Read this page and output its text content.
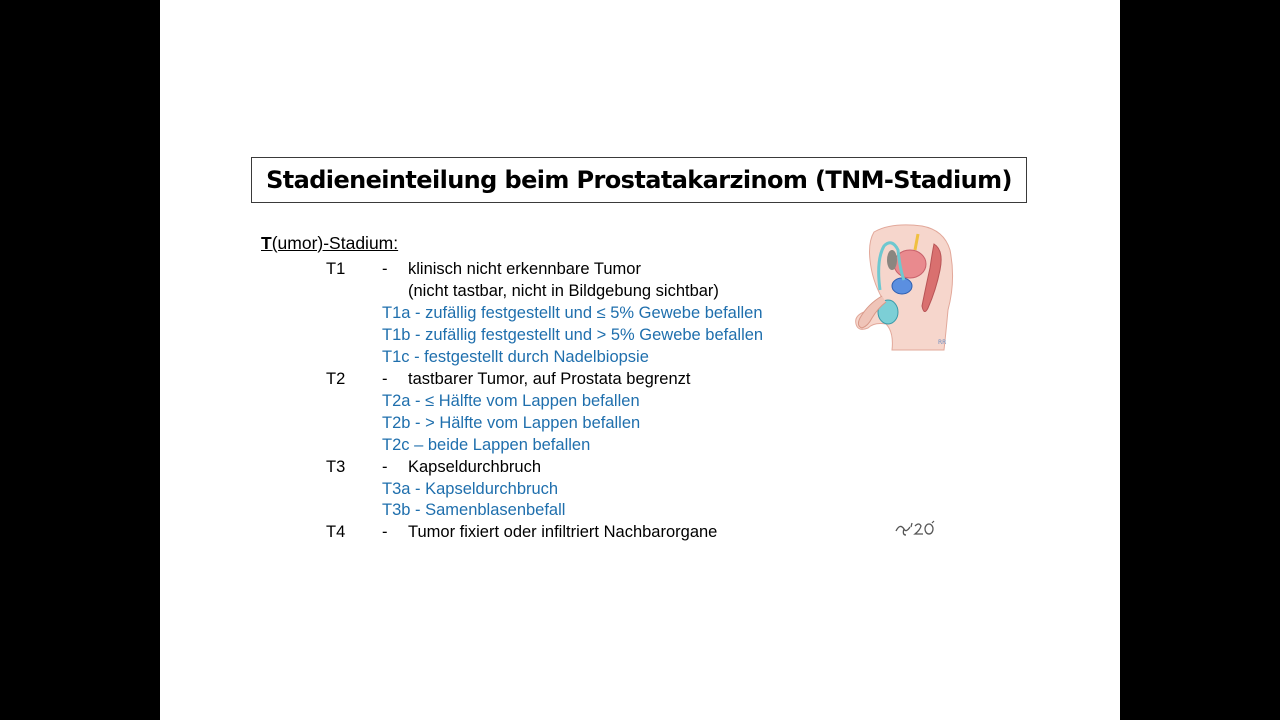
Stadieneinteilung beim Prostatakarzinom (TNM-Stadium)
T(umor)-Stadium:
T1 - klinisch nicht erkennbare Tumor
(nicht tastbar, nicht in Bildgebung sichtbar)
T1a - zufällig festgestellt und ≤ 5% Gewebe befallen
T1b - zufällig festgestellt und > 5% Gewebe befallen
T1c - festgestellt durch Nadelbiopsie
T2 - tastbarer Tumor, auf Prostata begrenzt
T2a - ≤ Hälfte vom Lappen befallen
T2b - > Hälfte vom Lappen befallen
T2c – beide Lappen befallen
T3 - Kapseldurchbruch
T3a - Kapseldurchbruch
T3b - Samenblasenbefall
T4 - Tumor fixiert oder infiltriert Nachbarorgane
RR
